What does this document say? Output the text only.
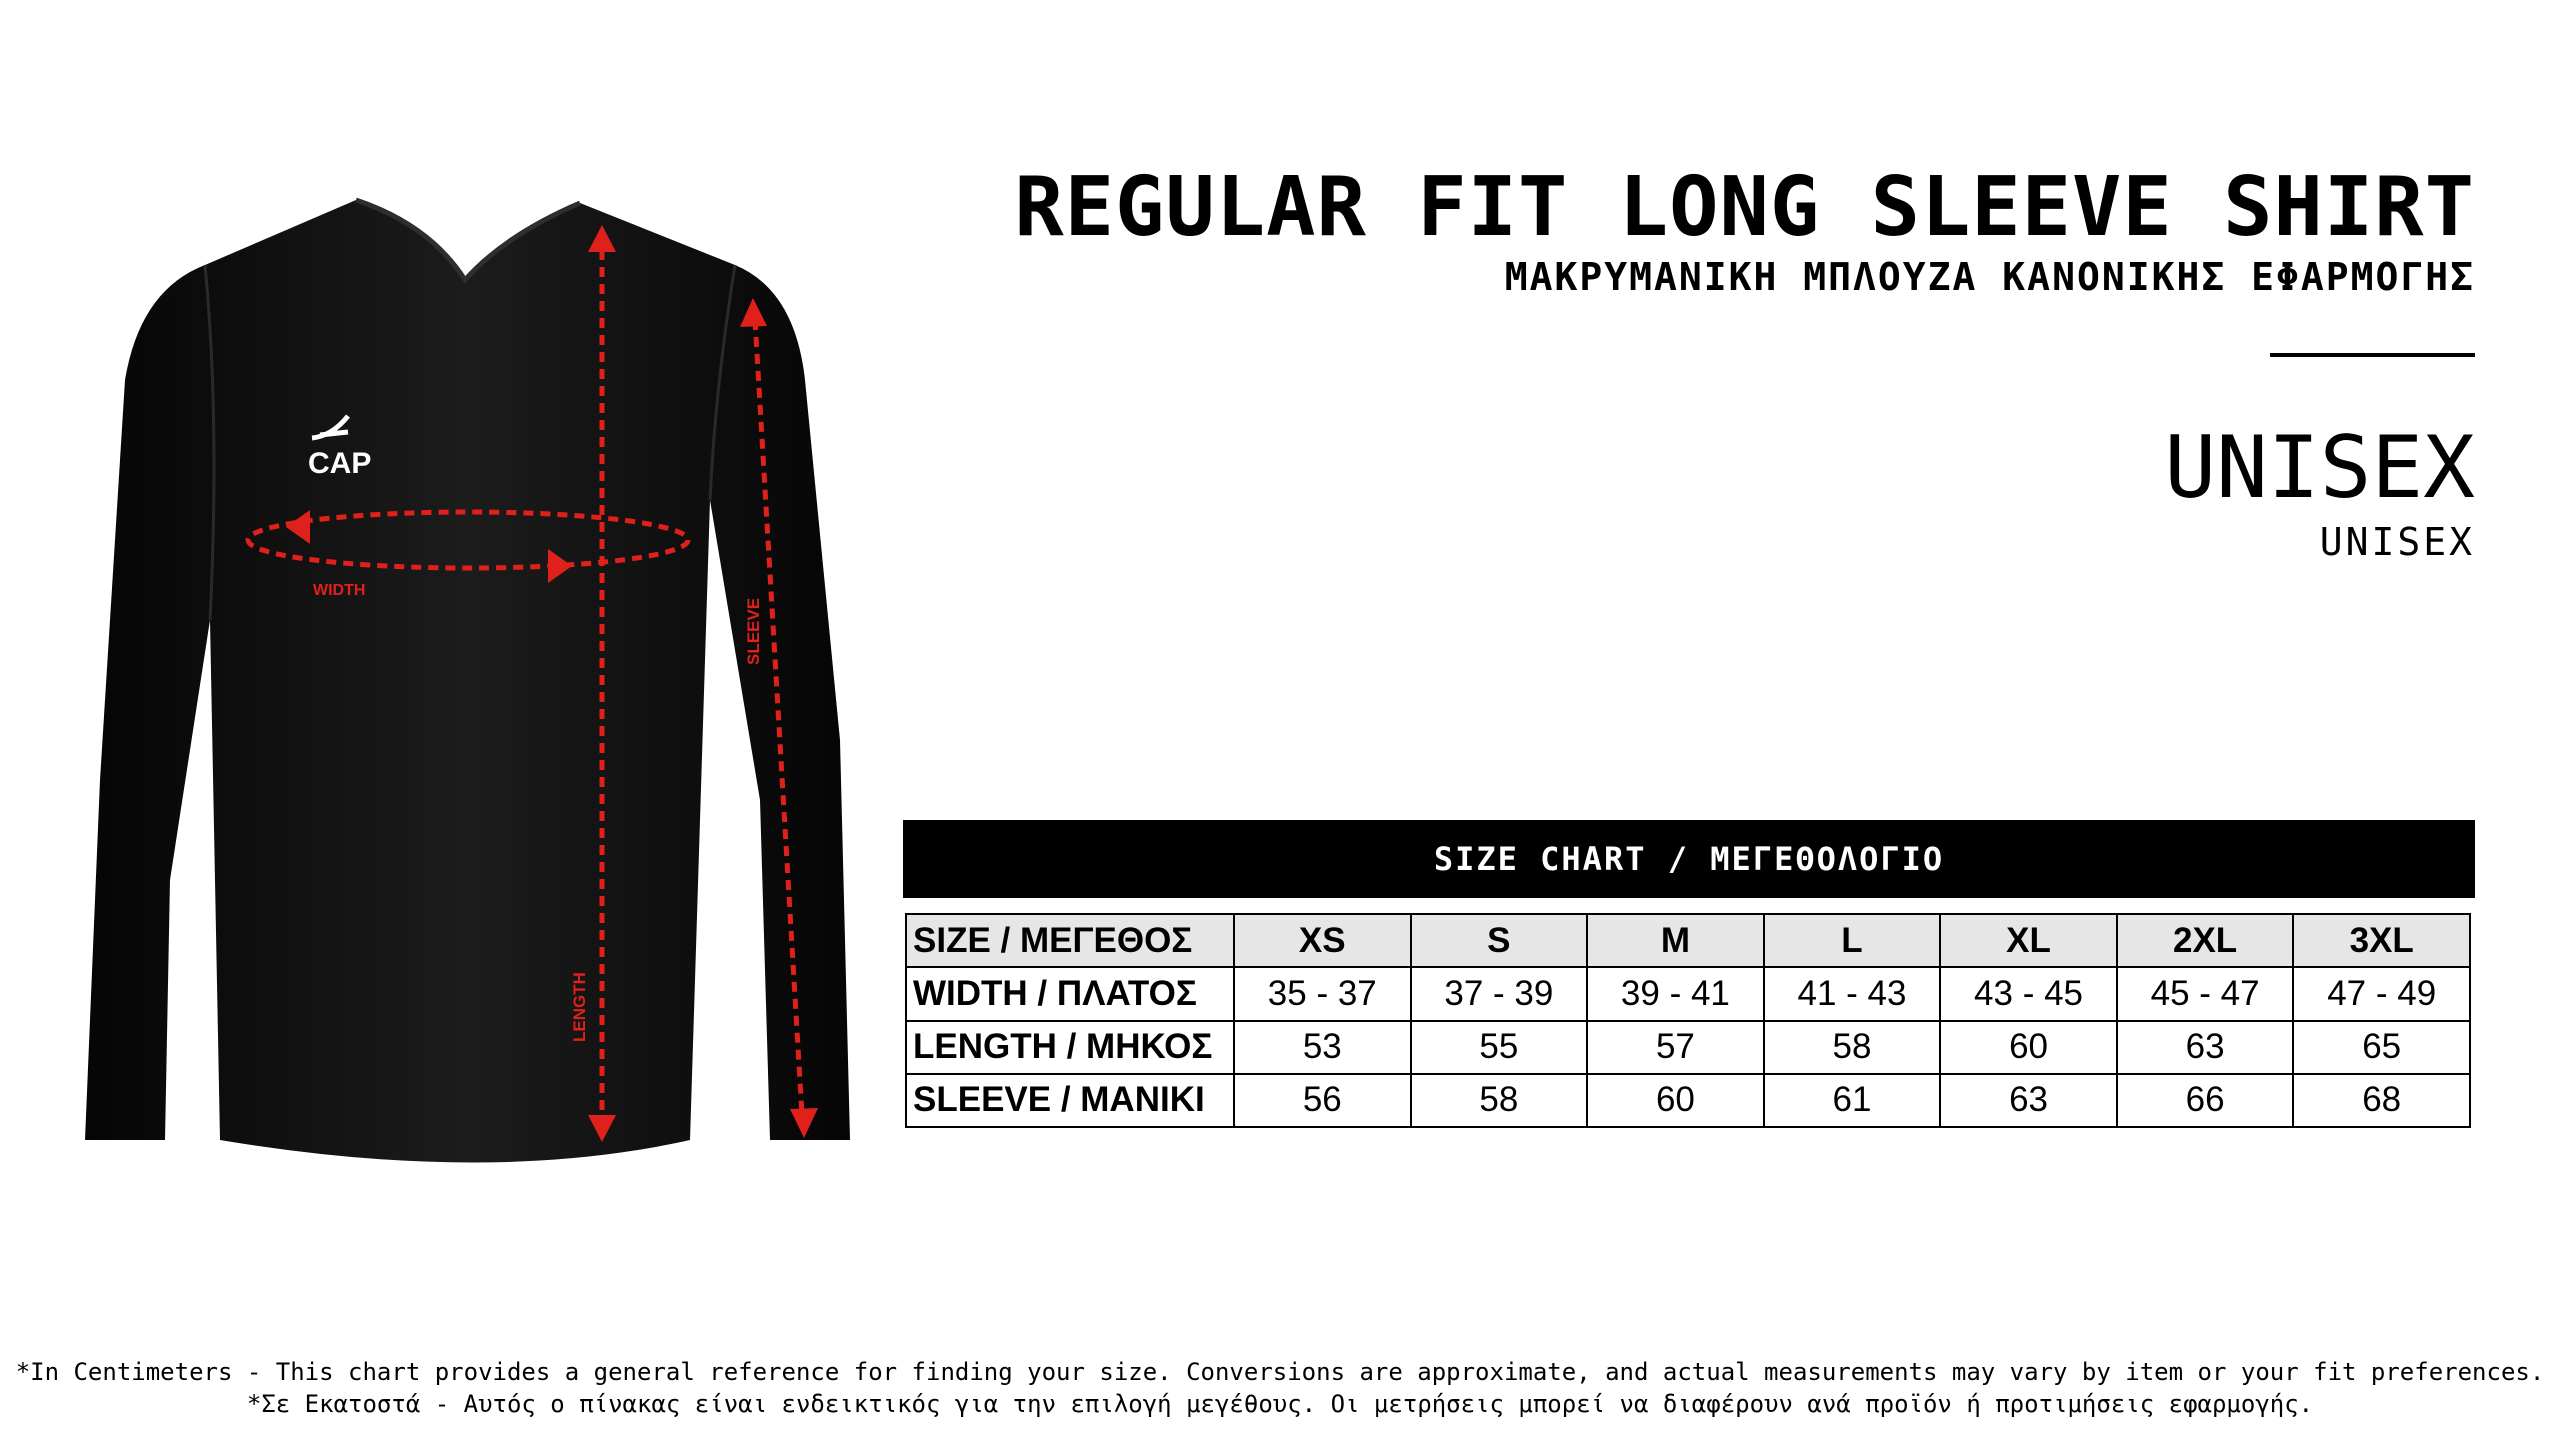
CAP
WIDTH
LENGTH
SLEEVE
REGULAR FIT LONG SLEEVE SHIRT
ΜΑΚΡΥΜΑΝΙΚΗ ΜΠΛΟΥΖΑ ΚΑΝΟΝΙΚΗΣ ΕΦΑΡΜΟΓΗΣ
UNISEX
UNISEX
SIZE CHART / ΜΕΓΕΘΟΛΟΓΙΟ
SIZE / ΜΕΓΕΘΟΣ	XS	S	M	L	XL	2XL	3XL
WIDTH / ΠΛΑΤΟΣ	35 - 37	37 - 39	39 - 41	41 - 43	43 - 45	45 - 47	47 - 49
LENGTH / ΜΗΚΟΣ	53	55	57	58	60	63	65
SLEEVE / ΜΑΝΙΚΙ	56	58	60	61	63	66	68
*In Centimeters - This chart provides a general reference for finding your size. Conversions are approximate, and actual measurements may vary by item or your fit preferences.
*Σε Εκατοστά - Αυτός ο πίνακας είναι ενδεικτικός για την επιλογή μεγέθους. Οι μετρήσεις μπορεί να διαφέρουν ανά προϊόν ή προτιμήσεις εφαρμογής.
